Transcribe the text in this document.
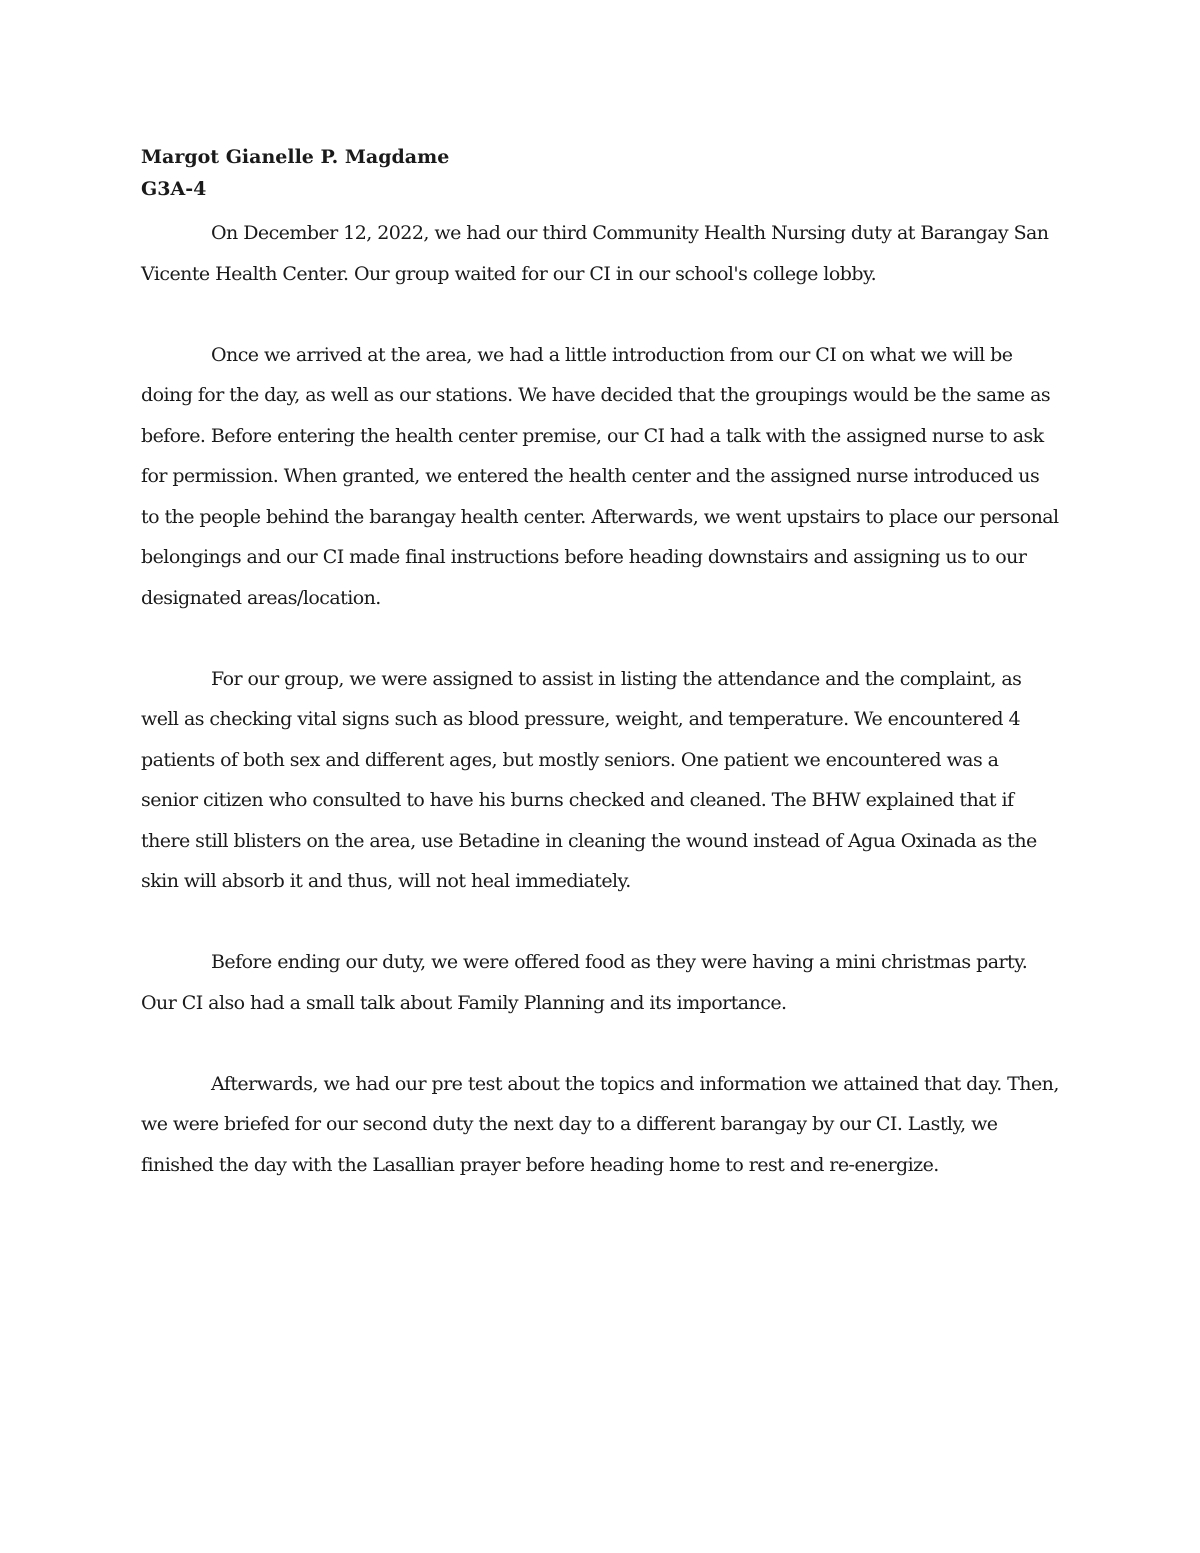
Margot Gianelle P. Magdame

G3A-4

On December 12, 2022, we had our third Community Health Nursing duty at Barangay San Vicente Health Center. Our group waited for our CI in our school's college lobby.

Once we arrived at the area, we had a little introduction from our CI on what we will be doing for the day, as well as our stations. We have decided that the groupings would be the same as before. Before entering the health center premise, our CI had a talk with the assigned nurse to ask for permission. When granted, we entered the health center and the assigned nurse introduced us to the people behind the barangay health center. Afterwards, we went upstairs to place our personal belongings and our CI made final instructions before heading downstairs and assigning us to our designated areas/location.

For our group, we were assigned to assist in listing the attendance and the complaint, as well as checking vital signs such as blood pressure, weight, and temperature. We encountered 4 patients of both sex and different ages, but mostly seniors. One patient we encountered was a senior citizen who consulted to have his burns checked and cleaned. The BHW explained that if there still blisters on the area, use Betadine in cleaning the wound instead of Agua Oxinada as the skin will absorb it and thus, will not heal immediately.

Before ending our duty, we were offered food as they were having a mini christmas party. Our CI also had a small talk about Family Planning and its importance.

Afterwards, we had our pre test about the topics and information we attained that day. Then, we were briefed for our second duty the next day to a different barangay by our CI. Lastly, we finished the day with the Lasallian prayer before heading home to rest and re-energize.
